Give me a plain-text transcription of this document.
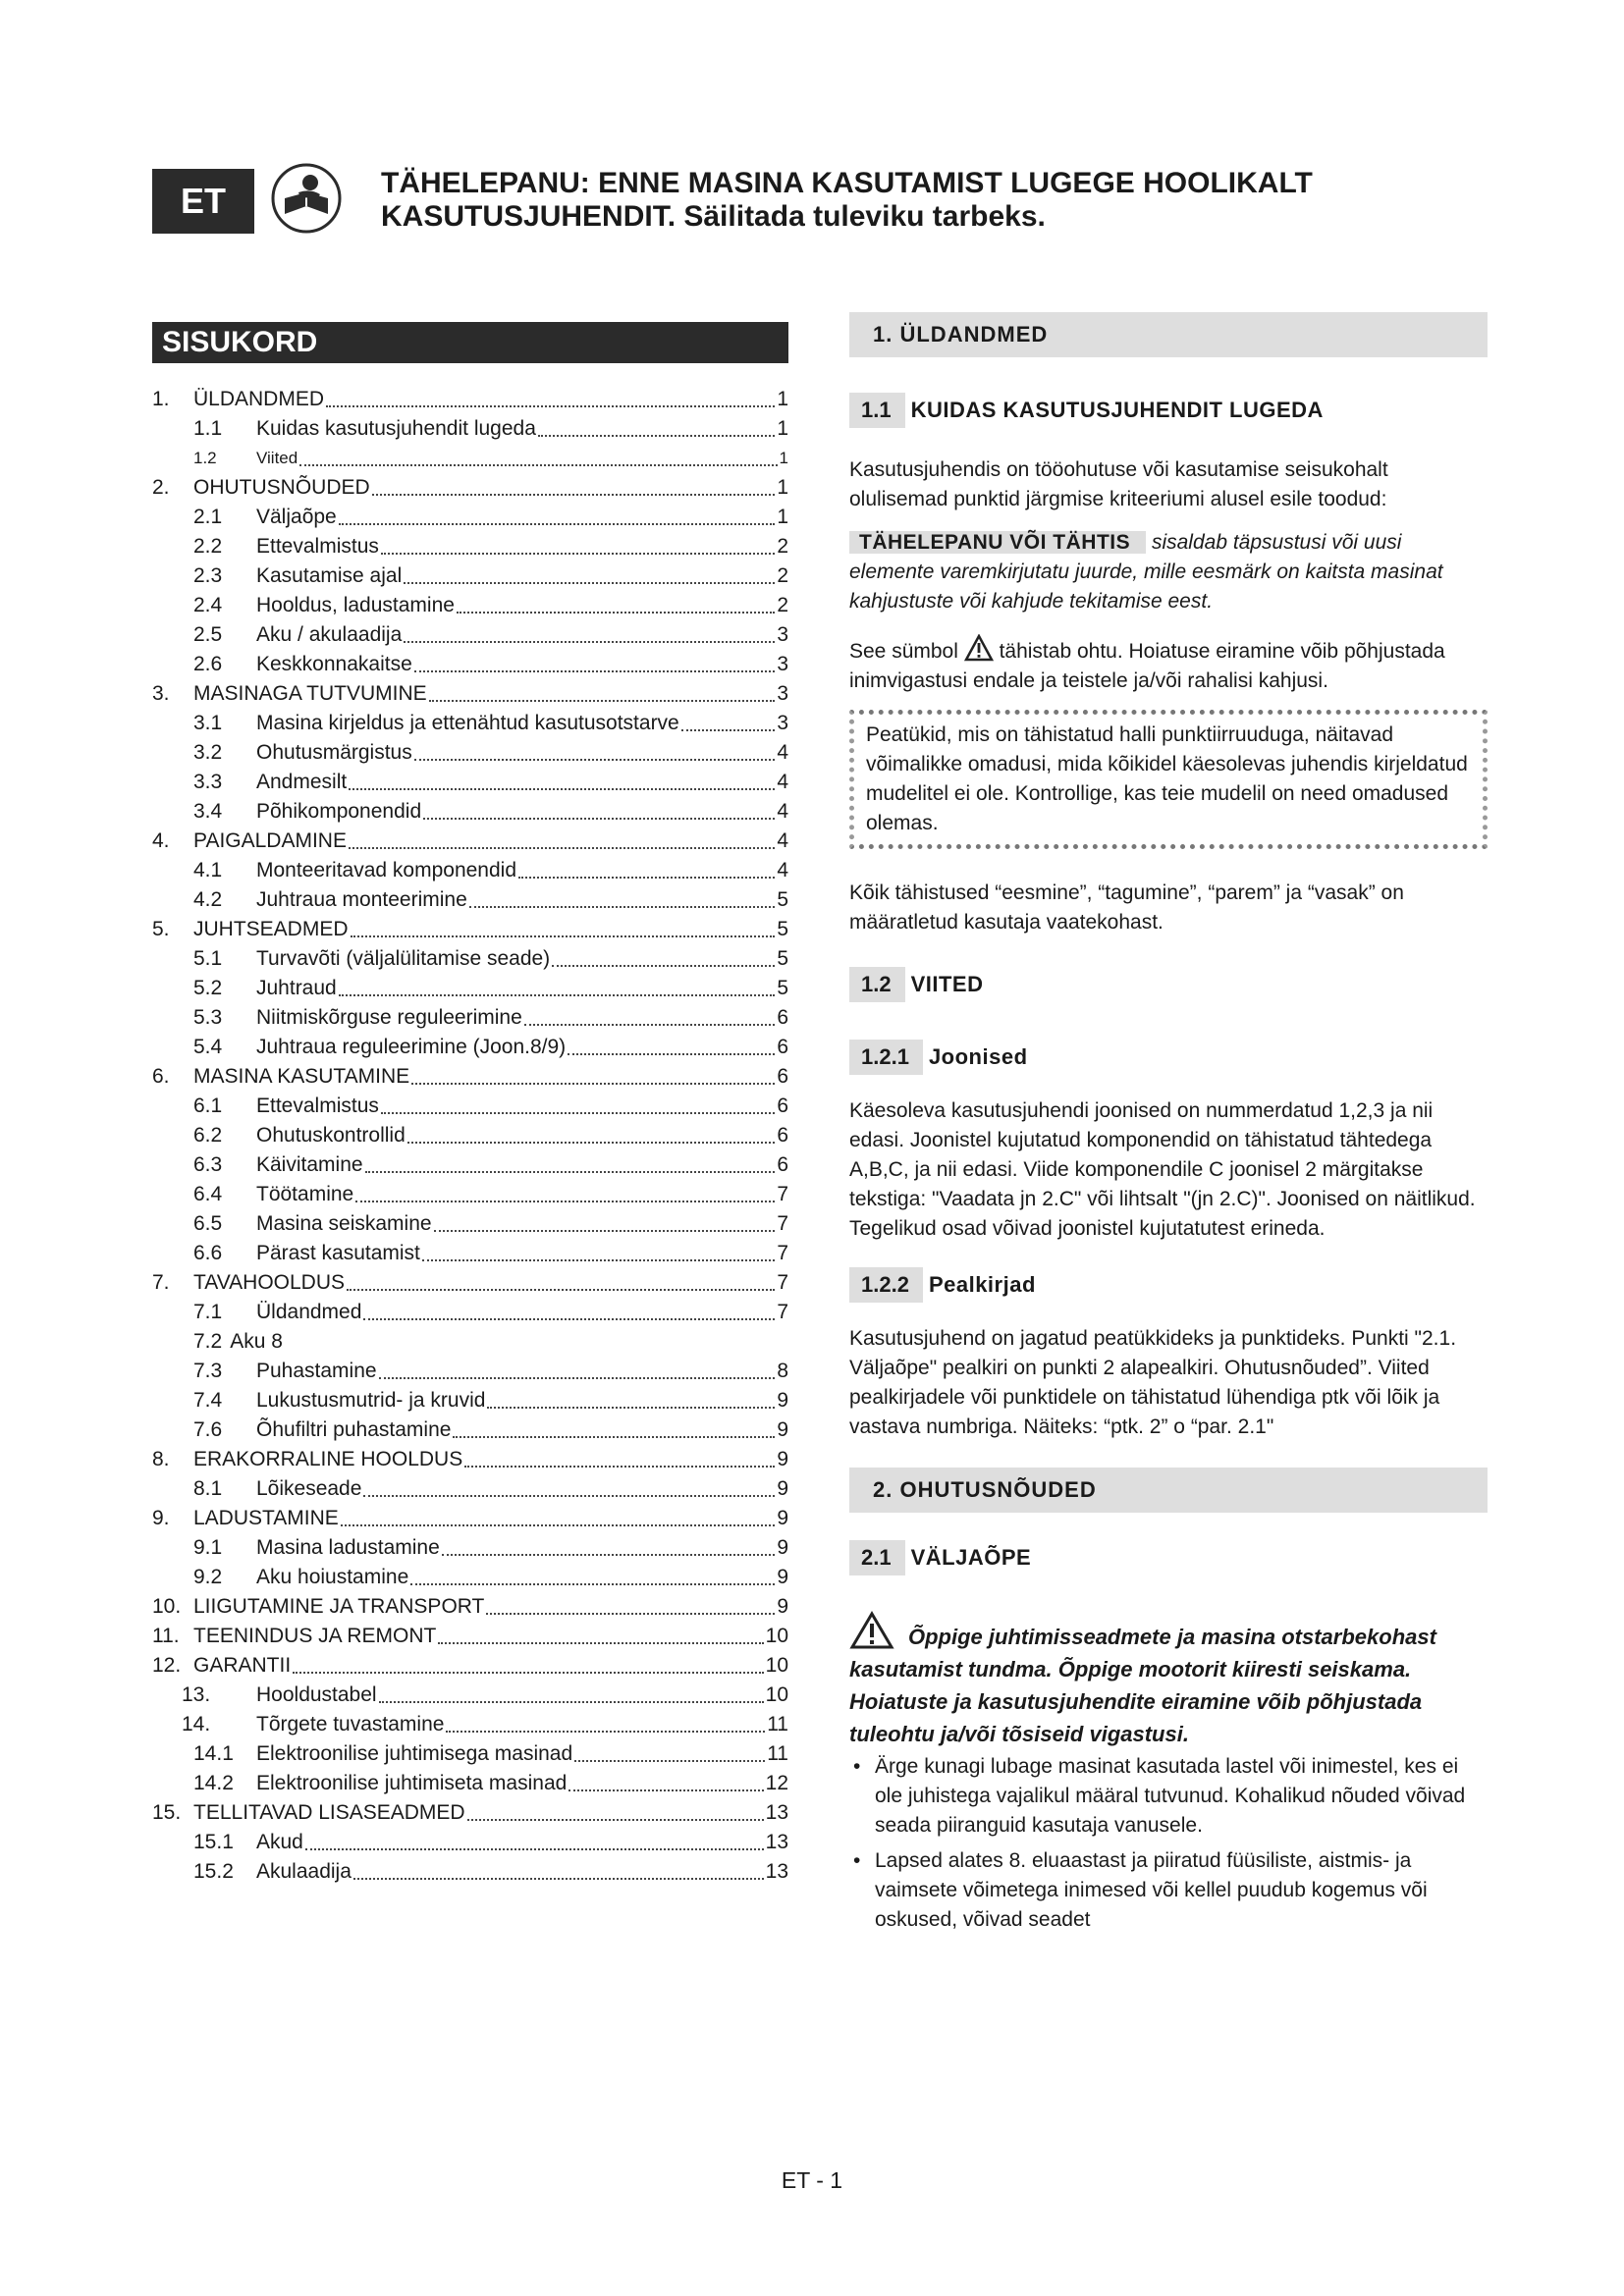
ET	TÄHELEPANU: ENNE MASINA KASUTAMIST LUGEGE HOOLIKALT
KASUTUSJUHENDIT. Säilitada tuleviku tarbeks.
SISUKORD
1.	ÜLDANDMED	1
1.1	Kuidas kasutusjuhendit lugeda	1
1.2	Viited	1
2.	OHUTUSNÕUDED	1
2.1	Väljaõpe	1
2.2	Ettevalmistus	2
2.3	Kasutamise ajal	2
2.4	Hooldus, ladustamine	2
2.5	Aku / akulaadija	3
2.6	Keskkonnakaitse	3
3.	MASINAGA TUTVUMINE	3
3.1	Masina kirjeldus ja ettenähtud kasutusotstarve	3
3.2	Ohutusmärgistus	4
3.3	Andmesilt	4
3.4	Põhikomponendid	4
4.	PAIGALDAMINE	4
4.1	Monteeritavad komponendid	4
4.2	Juhtraua monteerimine	5
5.	JUHTSEADMED	5
5.1	Turvavõti (väljalülitamise seade)	5
5.2	Juhtraud	5
5.3	Niitmiskõrguse reguleerimine	6
5.4	Juhtraua reguleerimine (Joon.8/9)	6
6.	MASINA KASUTAMINE	6
6.1	Ettevalmistus	6
6.2	Ohutuskontrollid	6
6.3	Käivitamine	6
6.4	Töötamine	7
6.5	Masina seiskamine	7
6.6	Pärast kasutamist	7
7.	TAVAHOOLDUS	7
7.1	Üldandmed	7
7.2 Aku 8
7.3	Puhastamine	8
7.4	Lukustusmutrid- ja kruvid	9
7.6	Õhufiltri puhastamine	9
8.	ERAKORRALINE HOOLDUS	9
8.1	Lõikeseade	9
9.	LADUSTAMINE	9
9.1	Masina ladustamine	9
9.2	Aku hoiustamine	9
10. LIIGUTAMINE JA TRANSPORT	9
11. TEENINDUS JA REMONT	10
12. GARANTII	10
13.	Hooldustabel	10
14.	Tõrgete tuvastamine	11
14.1	Elektroonilise juhtimisega masinad	11
14.2	Elektroonilise juhtimiseta masinad	12
15. TELLITAVAD LISASEADMED	13
15.1	Akud	13
15.2	Akulaadija	13
1.
ÜLDANDMED
1.1 KUIDAS KASUTUSJUHENDIT LUGEDA

Kasutusjuhendis on tööohutuse või kasutamise seisukohalt olulisemad punktid järgmise kriteeriumi alusel esile toodud:

TÄHELEPANU VÕI TÄHTIS sisaldab täpsustusi või uusi elemente varemkirjutatu juurde, mille eesmärk on kaitsta masinat kahjustuste või kahjude tekitamise eest.

See sümbol  tähistab ohtu. Hoiatuse eiramine võib põhjustada inimvigastusi endale ja teistele ja/või rahalisi kahjusi.

Peatükid, mis on tähistatud halli punktiirruuduga, näitavad võimalikke omadusi, mida kõikidel käesolevas juhendis kirjeldatud mudelitel ei ole. Kontrollige, kas teie mudelil on need omadused olemas.

Kõik tähistused “eesmine”, “tagumine”, “parem” ja “vasak” on määratletud kasutaja vaatekohast.

1.2 VIITED
1.2.1 Joonised

Käesoleva kasutusjuhendi joonised on nummerdatud 1,2,3 ja nii edasi. Joonistel kujutatud komponendid on tähistatud tähtedega A,B,C, ja nii edasi. Viide komponendile C joonisel 2 märgitakse tekstiga: "Vaadata jn 2.C" või lihtsalt "(jn 2.C)". Joonised on näitlikud. Tegelikud osad võivad joonistel kujutatutest erineda.

1.2.2 Pealkirjad

Kasutusjuhend on jagatud peatükkideks ja punktideks. Punkti "2.1. Väljaõpe" pealkiri on punkti 2 alapealkiri. Ohutusnõuded”. Viited pealkirjadele või punktidele on tähistatud lühendiga ptk või lõik ja vastava numbriga. Näiteks: “ptk. 2” o “par. 2.1"

2.
OHUTUSNÕUDED
2.1 VÄLJAÕPE

Õppige juhtimisseadmete ja masina otstarbekohast kasutamist tundma. Õppige mootorit kiiresti seiskama. Hoiatuste ja kasutusjuhendite eiramine võib põhjustada tuleohtu ja/või tõsiseid vigastusi.

• Ärge kunagi lubage masinat kasutada lastel või inimestel, kes ei ole juhistega vajalikul määral tutvunud. Kohalikud nõuded võivad seada piiranguid kasutaja vanusele.
• Lapsed alates 8. eluaastast ja piiratud füüsiliste, aistmis- ja vaimsete võimetega inimesed või kellel puudub kogemus või oskused, võivad seadet
ET - 1
